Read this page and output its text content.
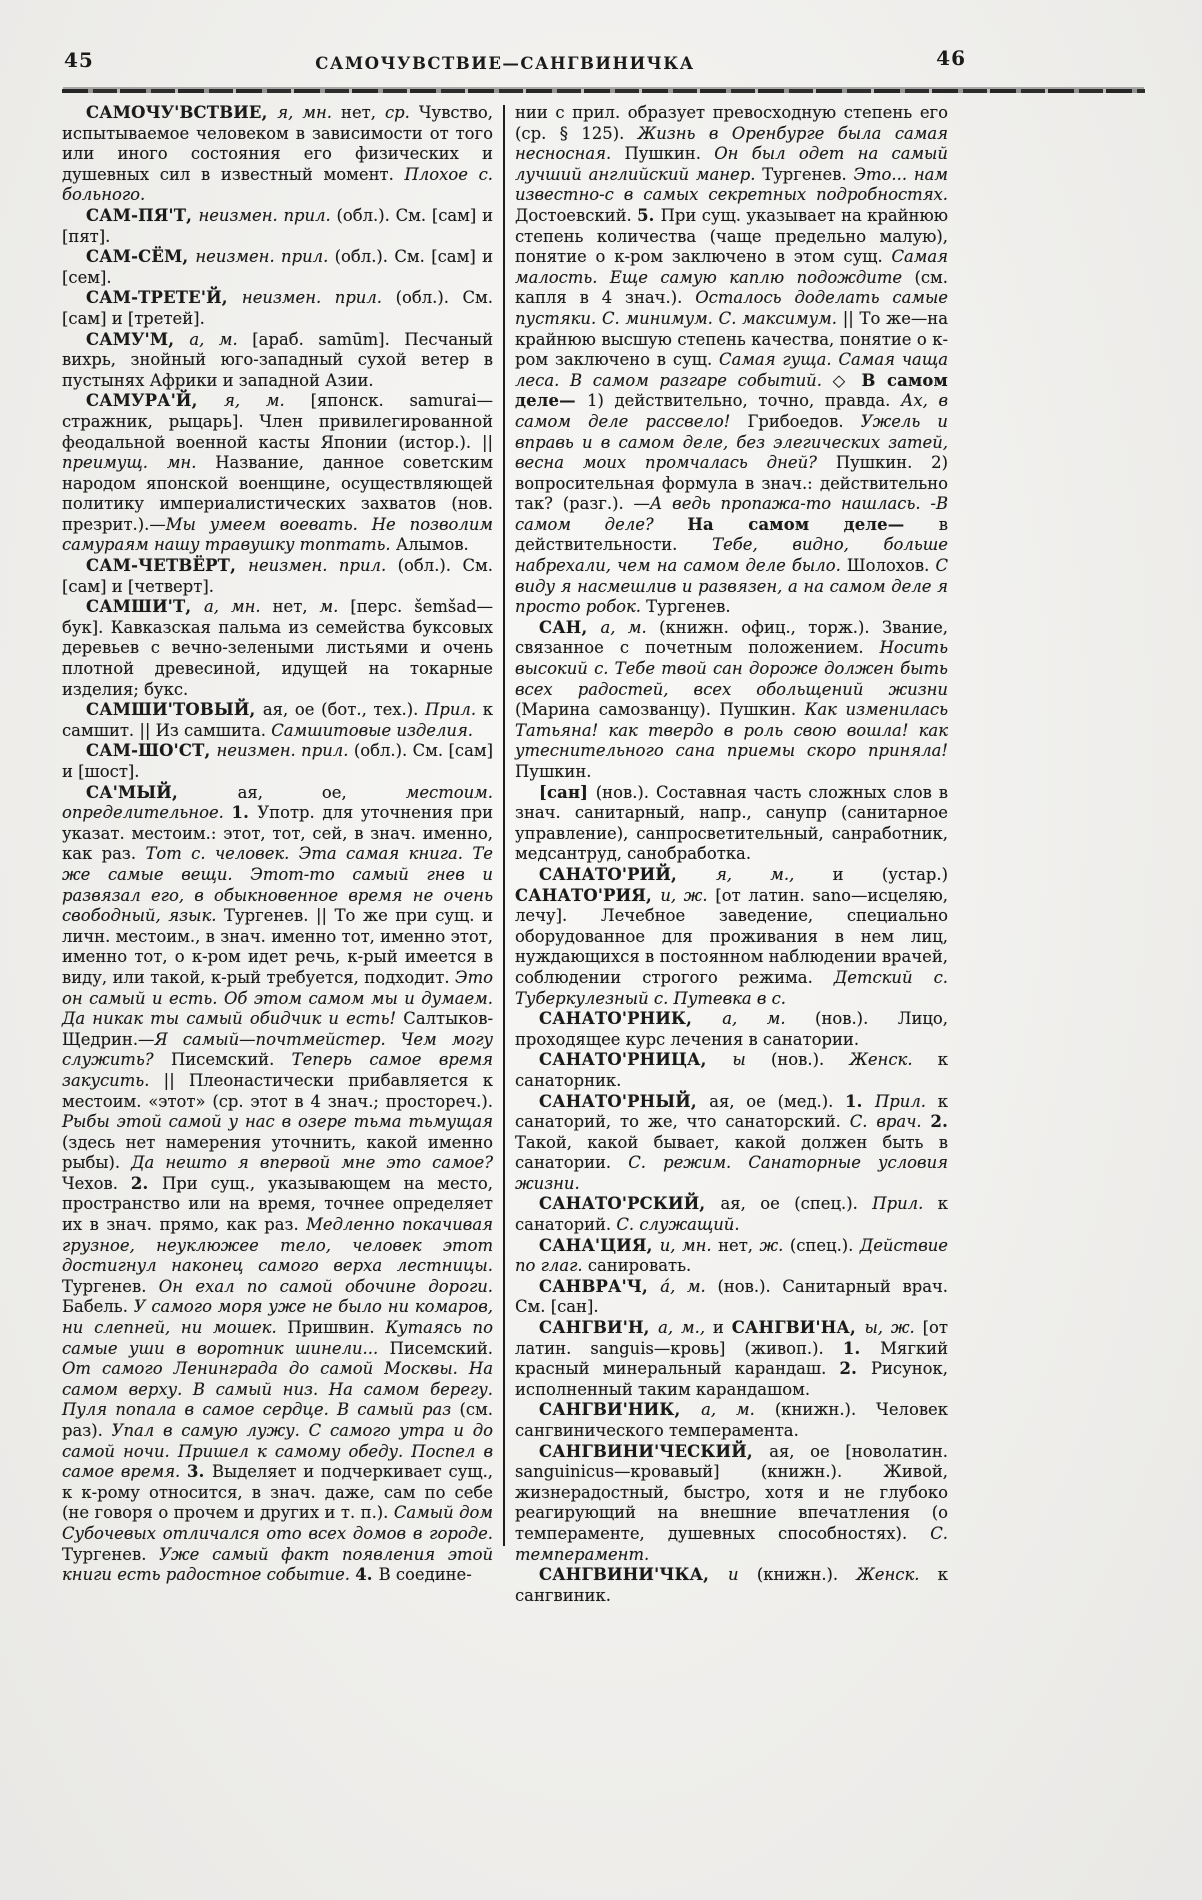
45	САМОЧУВСТВИЕ—САНГВИНИЧКА	46

САМОЧУ'ВСТВИЕ, я, мн. нет, ср. Чувство, испытываемое человеком в зависимости от того или иного состояния его физических и душевных сил в известный момент. Плохое с. больного.

САМ-ПЯ'Т, неизмен. прил. (обл.). См. [сам] и [пят].

САМ-СЁМ, неизмен. прил. (обл.). См. [сам] и [сем].

САМ-ТРЕТЕ'Й, неизмен. прил. (обл.). См. [сам] и [третей].

САМУ'М, а, м. [араб. samūm]. Песчаный вихрь, знойный юго-западный сухой ветер в пустынях Африки и западной Азии.

САМУРА'Й, я, м. [японск. samurai—стражник, рыцарь]. Член привилегированной феодальной военной касты Японии (истор.). || преимущ. мн. Название, данное советским народом японской военщине, осуществляющей политику империалистических захватов (нов. презрит.).—Мы умеем воевать. Не позволим самураям нашу травушку топтать. Алымов.

САМ-ЧЕТВЁРТ, неизмен. прил. (обл.). См. [сам] и [четверт].

САМШИ'Т, а, мн. нет, м. [перс. šemšad—бук]. Кавказская пальма из семейства буксовых деревьев с вечно-зелеными листьями и очень плотной древесиной, идущей на токарные изделия; букс.

САМШИ'ТОВЫЙ, ая, ое (бот., тех.). Прил. к самшит. || Из самшита. Самшитовые изделия.

САМ-ШО'СТ, неизмен. прил. (обл.). См. [сам] и [шост].

СА'МЫЙ, ая, ое, местоим. определительное. 1. Употр. для уточнения при указат. местоим.: этот, тот, сей, в знач. именно, как раз. Тот с. человек. Эта самая книга. Те же самые вещи. Этот-то самый гнев и развязал его, в обыкновенное время не очень свободный, язык. Тургенев. || То же при сущ. и личн. местоим., в знач. именно тот, именно этот, именно тот, о к-ром идет речь, к-рый имеется в виду, или такой, к-рый требуется, подходит. Это он самый и есть. Об этом самом мы и думаем. Да никак ты самый обидчик и есть! Салтыков-Щедрин.—Я самый—почтмейстер. Чем могу служить? Писемский. Теперь самое время закусить. || Плеонастически прибавляется к местоим. «этот» (ср. этот в 4 знач.; простореч.). Рыбы этой самой у нас в озере тьма тьмущая (здесь нет намерения уточнить, какой именно рыбы). Да нешто я впервой мне это самое? Чехов. 2. При сущ., указывающем на место, пространство или на время, точнее определяет их в знач. прямо, как раз. Медленно покачивая грузное, неуклюжее тело, человек этот достигнул наконец самого верха лестницы. Тургенев. Он ехал по самой обочине дороги. Бабель. У самого моря уже не было ни комаров, ни слепней, ни мошек. Пришвин. Кутаясь по самые уши в воротник шинели... Писемский. От самого Ленинграда до самой Москвы. На самом верху. В самый низ. На самом берегу. Пуля попала в самое сердце. В самый раз (см. раз). Упал в самую лужу. С самого утра и до самой ночи. Пришел к самому обеду. Поспел в самое время. 3. Выделяет и подчеркивает сущ., к к-рому относится, в знач. даже, сам по себе (не говоря о прочем и других и т. п.). Самый дом Субочевых отличался ото всех домов в городе. Тургенев. Уже самый факт появления этой книги есть радостное событие. 4. В соедине-

нии с прил. образует превосходную степень его (ср. § 125). Жизнь в Оренбурге была самая несносная. Пушкин. Он был одет на самый лучший английский манер. Тургенев. Это... нам известно-с в самых секретных подробностях. Достоевский. 5. При сущ. указывает на крайнюю степень количества (чаще предельно малую), понятие о к-ром заключено в этом сущ. Самая малость. Еще самую каплю подождите (см. капля в 4 знач.). Осталось доделать самые пустяки. С. минимум. С. максимум. || То же—на крайнюю высшую степень качества, понятие о к-ром заключено в сущ. Самая гуща. Самая чаща леса. В самом разгаре событий. ◇ В самом деле— 1) действительно, точно, правда. Ах, в самом деле рассвело! Грибоедов. Ужель и вправь и в самом деле, без элегических затей, весна моих промчалась дней? Пушкин. 2) вопросительная формула в знач.: действительно так? (разг.). —А ведь пропажа-то нашлась. -В самом деле? На самом деле— в действительности. Тебе, видно, больше набрехали, чем на самом деле было. Шолохов. С виду я насмешлив и развязен, а на самом деле я просто робок. Тургенев.

САН, а, м. (книжн. офиц., торж.). Звание, связанное с почетным положением. Носить высокий с. Тебе твой сан дороже должен быть всех радостей, всех обольщений жизни (Марина самозванцу). Пушкин. Как изменилась Татьяна! как твердо в роль свою вошла! как утеснительного сана приемы скоро приняла! Пушкин.

[сан] (нов.). Составная часть сложных слов в знач. санитарный, напр., санупр (санитарное управление), санпросветительный, санработник, медсантруд, санобработка.

САНАТО'РИЙ, я, м., и (устар.) САНАТО'РИЯ, и, ж. [от латин. sano—исцеляю, лечу]. Лечебное заведение, специально оборудованное для проживания в нем лиц, нуждающихся в постоянном наблюдении врачей, соблюдении строгого режима. Детский с. Туберкулезный с. Путевка в с.

САНАТО'РНИК, а, м. (нов.). Лицо, проходящее курс лечения в санатории.

САНАТО'РНИЦА, ы (нов.). Женск. к санаторник.

САНАТО'РНЫЙ, ая, ое (мед.). 1. Прил. к санаторий, то же, что санаторский. С. врач. 2. Такой, какой бывает, какой должен быть в санатории. С. режим. Санаторные условия жизни.

САНАТО'РСКИЙ, ая, ое (спец.). Прил. к санаторий. С. служащий.

САНА'ЦИЯ, и, мн. нет, ж. (спец.). Действие по глаг. санировать.

САНВРА'Ч, а́, м. (нов.). Санитарный врач. См. [сан].

САНГВИ'Н, а, м., и САНГВИ'НА, ы, ж. [от латин. sanguis—кровь] (живоп.). 1. Мягкий красный минеральный карандаш. 2. Рисунок, исполненный таким карандашом.

САНГВИ'НИК, а, м. (книжн.). Человек сангвинического темперамента.

САНГВИНИ'ЧЕСКИЙ, ая, ое [новолатин. sanguinicus—кровавый] (книжн.). Живой, жизнерадостный, быстро, хотя и не глубоко реагирующий на внешние впечатления (о темпераменте, душевных способностях). С. темперамент.

САНГВИНИ'ЧКА, и (книжн.). Женск. к сангвиник.
